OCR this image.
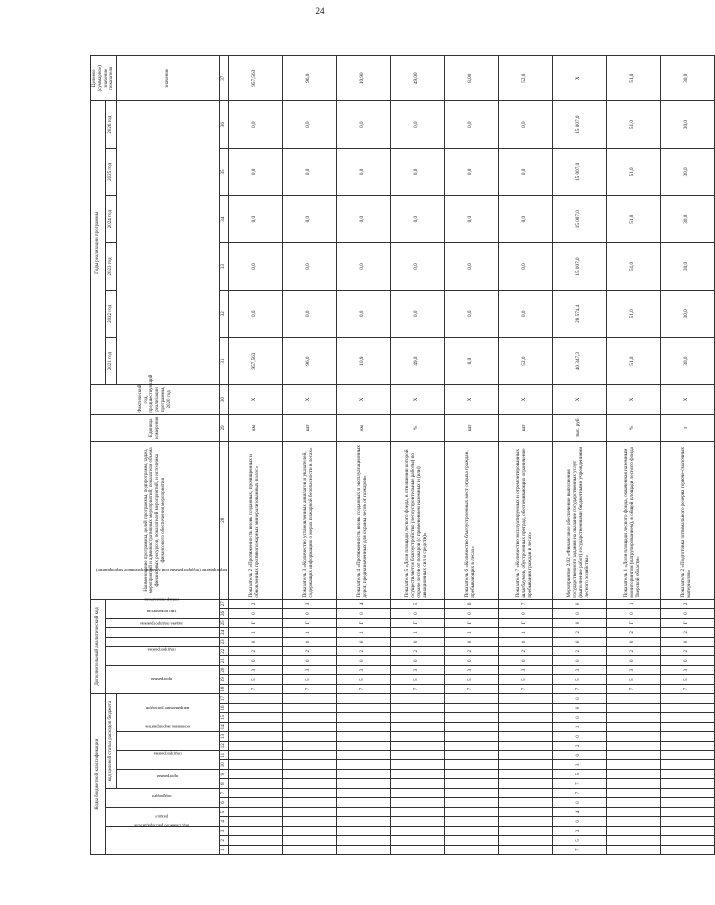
24
Коды бюджетной классификации																	Дополнительный аналитический код										Наименование программы, целей программы, подпрограмм, задач, мероприятий и административных мероприятий; показатели объема финансовых ресурсов, показателей мероприятий, и источника финансового обеспечения мероприятия	Единица измерения	Фактический год, предшествующий реализации программы, 2020 год	Годы реализации программы						Целевое (суммарное) значение показателя
код главного распорядителя			раздел		подраздел		код целевой статьи расходов бюджета										программа			подпрограмма		задача подпрограммы	мероприятие (подпрограммы или административное мероприятие)	тип показателя	номер показателя					2021 год	2022 год	2023 год	2024 год	2025 год	2026 год	
							программа		подпрограмма		основное мероприятие		направление расходов																							значение
1	2	3	4	5	6	7	8	9	10	11	12	13	14	15	16	17	18	19	20	21	22	23	24	25	26	27	28	29	30	31	32	33	34	35	36	37
																	7	5	3	0	2	0	1	Г	0	2	Показатель 2 «Протяженность вновь созданных, прочищенных и обновленных противопожарных минерализованных полос»	км	Х	957,563	0,0	0,0	0,0	0,0	0,0	957,563
																	7	5	3	0	2	0	1	Г	0	3	Показатель 3 «Количество установленных аншлагов и указателей, содержащих информацию о мерах пожарной безопасности в лесах»	шт	Х	96,0	0,0	0,0	0,0	0,0	0,0	96,0
																	7	5	3	0	2	0	1	Г	0	4	Показатель 4 «Протяженность вновь созданных и эксплуатационных дорог, предназначенных для охраны лесов от пожаров»	км	Х	10,9	0,0	0,0	0,0	0,0	0,0	10,90
																	7	5	3	0	2	0	1	Г	0	5	Показатель 5 «Доля площади лесного фонда, в отношении которой осуществляется благоустройство (лесоустроительные работы) по охране лесов от пожаров (с применением наземных и (или) авиационных сил и средств)»	%	Х	49,0	0,0	0,0	0,0	0,0	0,0	49,00
																	7	5	3	0	2	0	1	Г	0	6	Показатель 6 «Количество благоустроенных мест отдыха граждан, пребывающих в лесах»	шт	Х	8,0	0,0	0,0	0,0	0,0	0,0	8,00
																	7	5	3	0	2	0	1	Г	0	7	Показатель 7 «Количество эксплуатируемых и отремонтированных шлагбаумов, обустроенных преград, обеспечивающих ограничение пребывания граждан в лесах»	шт	Х	52,0	0,0	0,0	0,0	0,0	0,0	52,0
7	5	3	0	4	0	7	7	5	3	0	2	0	1	0	0	0	7	5	3	0	2	0	2	0	0	0	Мероприятие 2.02 «Финансовое обеспечение выполнения государственного задания на оказание государственных услуг (выполнение работ) государственными бюджетными учреждениями лесного хозяйства»	тыс. руб	Х	40 347,3	28 574,4	15 007,0	15 007,0	15 007,0	15 007,0	Х
																	7	5	3	0	2	0	2	Г	0	1	Показатель 1 «Доля площади лесного фонда, охваченная наземным мониторингом (патрулированием), в общей площади лесного фонда Тверской области»	%	Х	51,0	51,0	51,0	51,0	51,0	51,0	51,0
																	7	5	3	0	2	0	2	Г	0	2	Показатель 2 «Подготовка оптимального резерва горюче-смазочных материалов»	т	Х	30,0	30,0	30,0	30,0	30,0	30,0	30,0
